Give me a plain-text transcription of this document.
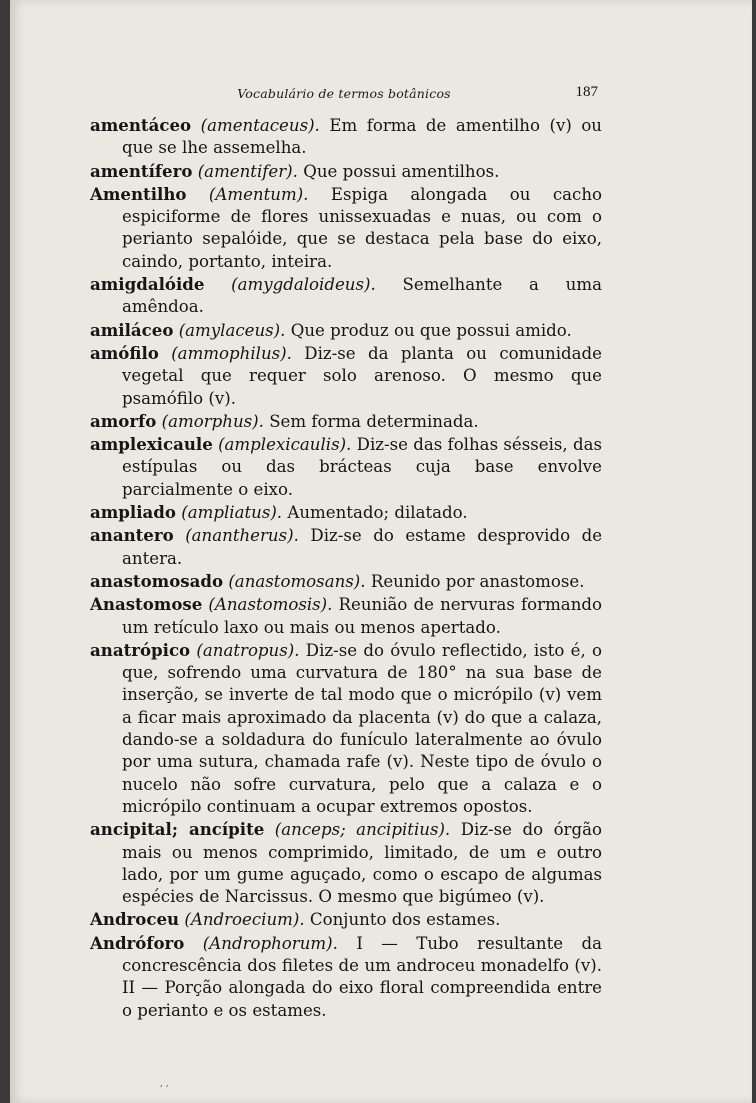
Vocabulário de termos botânicos	187

amentáceo (amentaceus). Em forma de amentilho (v) ou que se lhe assemelha.

amentífero (amentifer). Que possui amentilhos.

Amentilho (Amentum). Espiga alongada ou cacho espiciforme de flores unissexuadas e nuas, ou com o perianto sepalóide, que se destaca pela base do eixo, caindo, portanto, inteira.

amigdalóide (amygdaloideus). Semelhante a uma amêndoa.

amiláceo (amylaceus). Que produz ou que possui amido.

amófilo (ammophilus). Diz-se da planta ou comunidade vegetal que requer solo arenoso. O mesmo que psamófilo (v).

amorfo (amorphus). Sem forma determinada.

amplexicaule (amplexicaulis). Diz-se das folhas sésseis, das estípulas ou das brácteas cuja base envolve parcialmente o eixo.

ampliado (ampliatus). Aumentado; dilatado.

anantero (anantherus). Diz-se do estame desprovido de antera.

anastomosado (anastomosans). Reunido por anastomose.

Anastomose (Anastomosis). Reunião de nervuras formando um retículo laxo ou mais ou menos apertado.

anatrópico (anatropus). Diz-se do óvulo reflectido, isto é, o que, sofrendo uma curvatura de 180° na sua base de inserção, se inverte de tal modo que o micrópilo (v) vem a ficar mais aproximado da placenta (v) do que a calaza, dando-se a soldadura do funículo lateralmente ao óvulo por uma sutura, chamada rafe (v). Neste tipo de óvulo o nucelo não sofre curvatura, pelo que a calaza e o micrópilo continuam a ocupar extremos opostos.

ancipital; ancípite (anceps; ancipitius). Diz-se do órgão mais ou menos comprimido, limitado, de um e outro lado, por um gume aguçado, como o escapo de algumas espécies de Narcissus. O mesmo que bigúmeo (v).

Androceu (Androecium). Conjunto dos estames.

Andróforo (Androphorum). I — Tubo resultante da concrescência dos filetes de um androceu monadelfo (v). II — Porção alongada do eixo floral compreendida entre o perianto e os estames.

‚ ‚
